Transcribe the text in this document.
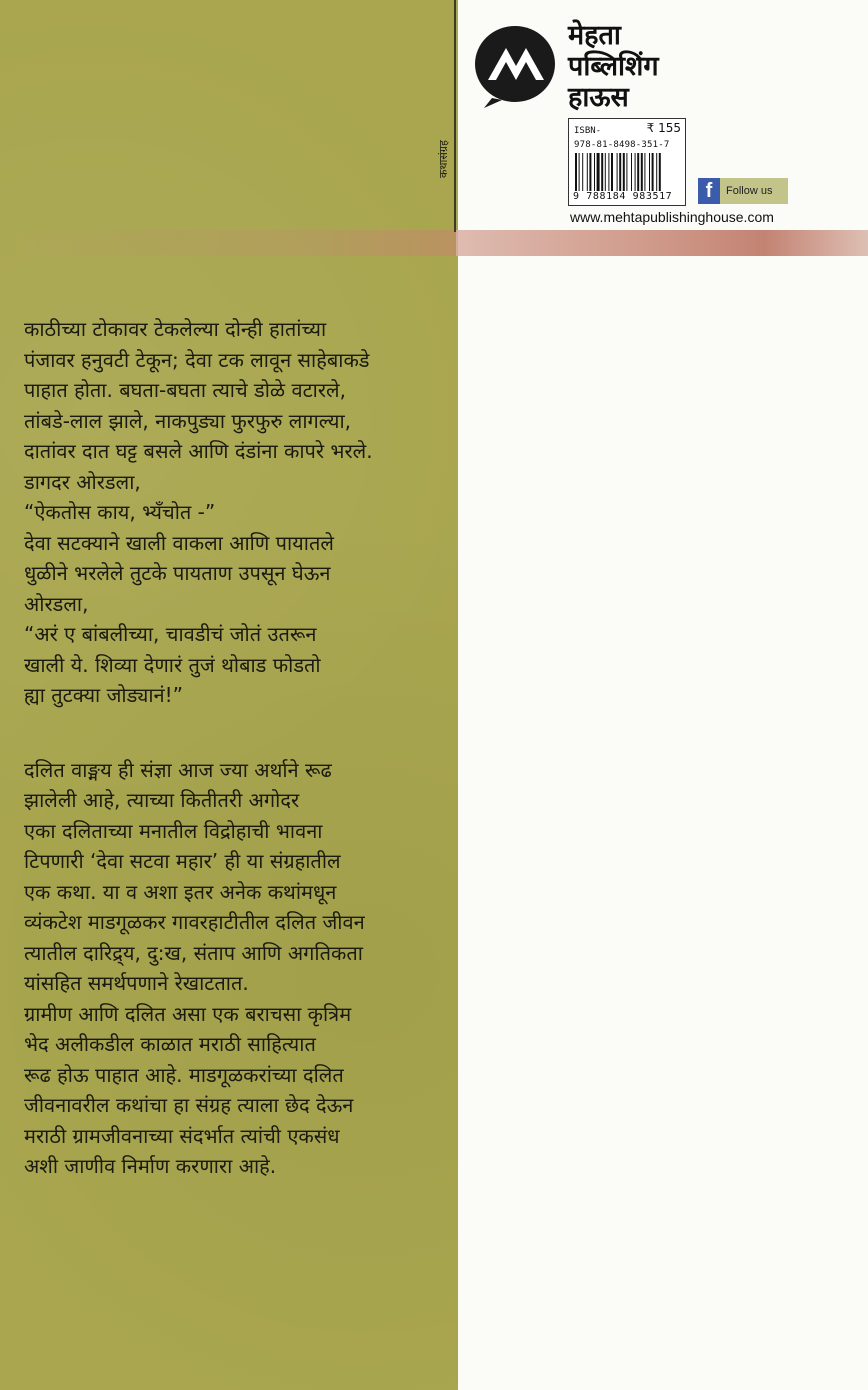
कथासंग्रह
मेहता
पब्लिशिंग
हाऊस
ISBN-	₹ 155
978-81-8498-351-7
9 788184 983517	f	Follow us
www.mehtapublishinghouse.com
काठीच्या टोकावर टेकलेल्या दोन्ही हातांच्या
पंजावर हनुवटी टेकून; देवा टक लावून साहेबाकडे
पाहात होता. बघता-बघता त्याचे डोळे वटारले,
तांबडे-लाल झाले, नाकपुड्या फुरफुरु लागल्या,
दातांवर दात घट्ट बसले आणि दंडांना कापरे भरले.
डागदर ओरडला,
“ऐकतोस काय, भ्यँचोत -”
देवा सटक्याने खाली वाकला आणि पायातले
धुळीने भरलेले तुटके पायताण उपसून घेऊन
ओरडला,
“अरं ए बांबलीच्या, चावडीचं जोतं उतरून
खाली ये. शिव्या देणारं तुजं थोबाड फोडतो
ह्या तुटक्या जोड्यानं!”
दलित वाङ्मय ही संज्ञा आज ज्या अर्थाने रूढ
झालेली आहे, त्याच्या कितीतरी अगोदर
एका दलिताच्या मनातील विद्रोहाची भावना
टिपणारी ‘देवा सटवा महार’ ही या संग्रहातील
एक कथा. या व अशा इतर अनेक कथांमधून
व्यंकटेश माडगूळकर गावरहाटीतील दलित जीवन
त्यातील दारिद्र्य, दु:ख, संताप आणि अगतिकता
यांसहित समर्थपणाने रेखाटतात.
ग्रामीण आणि दलित असा एक बराचसा कृत्रिम
भेद अलीकडील काळात मराठी साहित्यात
रूढ होऊ पाहात आहे. माडगूळकरांच्या दलित
जीवनावरील कथांचा हा संग्रह त्याला छेद देऊन
मराठी ग्रामजीवनाच्या संदर्भात त्यांची एकसंध
अशी जाणीव निर्माण करणारा आहे.
